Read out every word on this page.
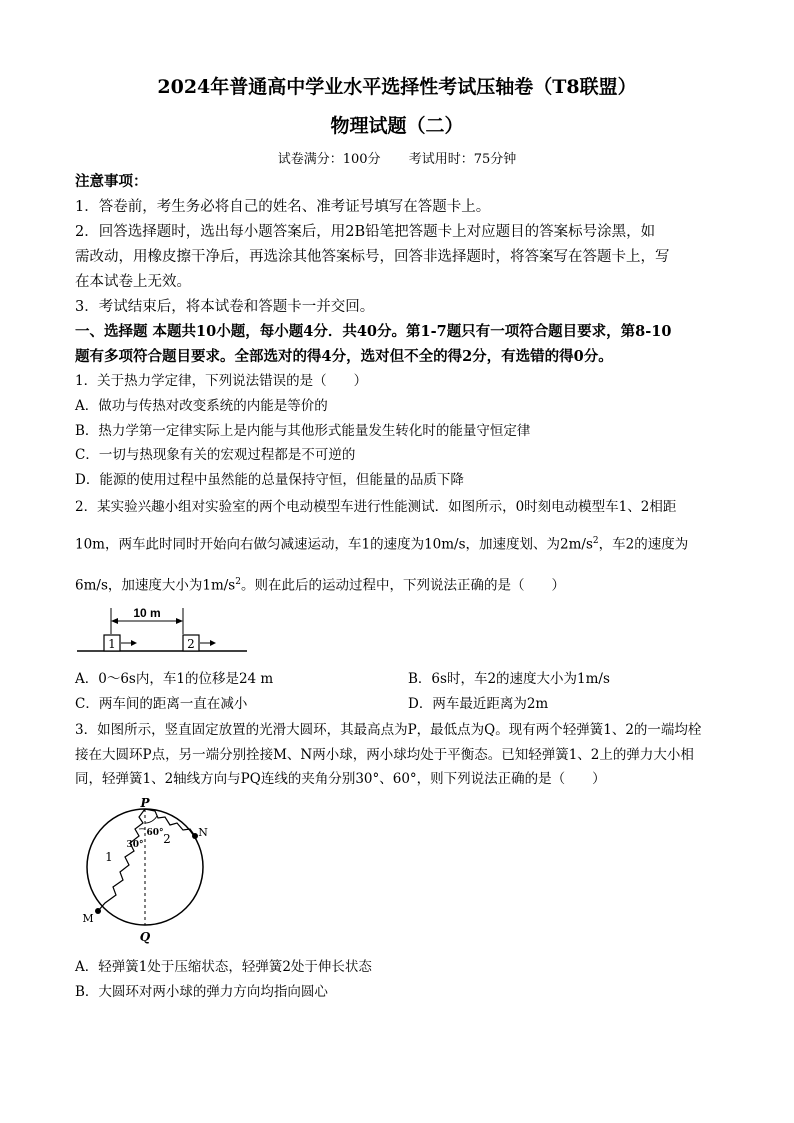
2024年普通高中学业水平选择性考试压轴卷（T8联盟）
物理试题（二）
试卷满分：100分 考试用时：75分钟
注意事项：
1．答卷前，考生务必将自己的姓名、准考证号填写在答题卡上。
2．回答选择题时，选出每小题答案后，用2B铅笔把答题卡上对应题目的答案标号涂黑，如
需改动，用橡皮擦干净后，再选涂其他答案标号，回答非选择题时，将答案写在答题卡上，写
在本试卷上无效。
3．考试结束后，将本试卷和答题卡一并交回。
一、选择题 本题共10小题，每小题4分．共40分。第1-7题只有一项符合题目要求，第8-10
题有多项符合题目要求。全部选对的得4分，选对但不全的得2分，有选错的得0分。
1．关于热力学定律，下列说法错误的是（　　）
A．做功与传热对改变系统的内能是等价的
B．热力学第一定律实际上是内能与其他形式能量发生转化时的能量守恒定律
C．一切与热现象有关的宏观过程都是不可逆的
D．能源的使用过程中虽然能的总量保持守恒，但能量的品质下降
2．某实验兴趣小组对实验室的两个电动模型车进行性能测试．如图所示，0时刻电动模型车1、2相距
10m，两车此时同时开始向右做匀减速运动，车1的速度为10m/s，加速度划、为$2m/s^2$，车2的速度为
6m/s，加速度大小为$1m/s^2$。则在此后的运动过程中，下列说法正确的是（　　）
10 m
1	2
A．0～6s内，车1的位移是24 m	B．6s时，车2的速度大小为1m/s
C．两车间的距离一直在减小	D．两车最近距离为2m
3．如图所示，竖直固定放置的光滑大圆环，其最高点为P，最低点为Q。现有两个轻弹簧1、2的一端均栓
接在大圆环P点，另一端分别拴接M、N两小球，两小球均处于平衡态。已知轻弹簧1、2上的弹力大小相
同，轻弹簧1、2轴线方向与PQ连线的夹角分别30°、60°，则下列说法正确的是（　　）
P
Q
M
N
1
2
30°
60°
A．轻弹簧1处于压缩状态，轻弹簧2处于伸长状态
B．大圆环对两小球的弹力方向均指向圆心
